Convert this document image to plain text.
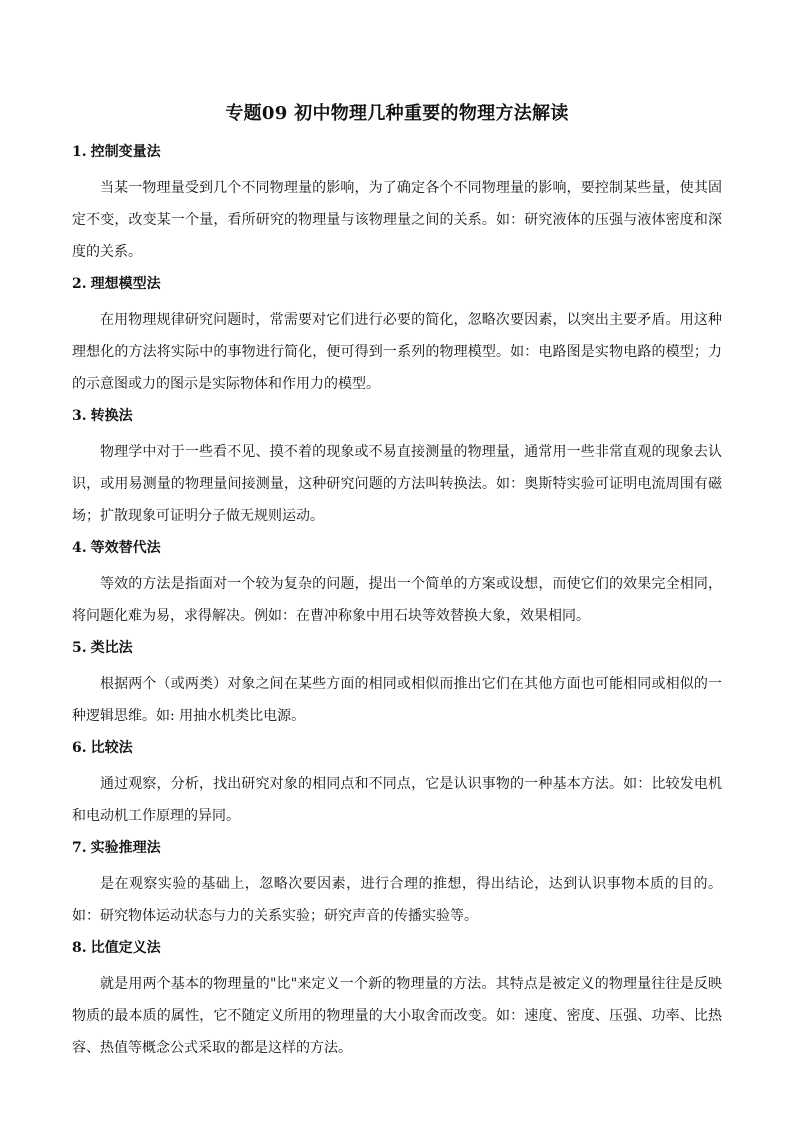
专题09 初中物理几种重要的物理方法解读
1. 控制变量法
当某一物理量受到几个不同物理量的影响，为了确定各个不同物理量的影响，要控制某些量，使其固定不变，改变某一个量，看所研究的物理量与该物理量之间的关系。如：研究液体的压强与液体密度和深度的关系。
2. 理想模型法
在用物理规律研究问题时，常需要对它们进行必要的简化，忽略次要因素，以突出主要矛盾。用这种理想化的方法将实际中的事物进行简化，便可得到一系列的物理模型。如：电路图是实物电路的模型；力的示意图或力的图示是实际物体和作用力的模型。
3. 转换法
物理学中对于一些看不见、摸不着的现象或不易直接测量的物理量，通常用一些非常直观的现象去认识，或用易测量的物理量间接测量，这种研究问题的方法叫转换法。如：奥斯特实验可证明电流周围有磁场；扩散现象可证明分子做无规则运动。
4. 等效替代法
等效的方法是指面对一个较为复杂的问题，提出一个简单的方案或设想，而使它们的效果完全相同，将问题化难为易，求得解决。例如：在曹冲称象中用石块等效替换大象，效果相同。
5. 类比法
根据两个（或两类）对象之间在某些方面的相同或相似而推出它们在其他方面也可能相同或相似的一种逻辑思维。如: 用抽水机类比电源。
6. 比较法
通过观察，分析，找出研究对象的相同点和不同点，它是认识事物的一种基本方法。如：比较发电机和电动机工作原理的异同。
7. 实验推理法
是在观察实验的基础上，忽略次要因素，进行合理的推想，得出结论，达到认识事物本质的目的。如：研究物体运动状态与力的关系实验；研究声音的传播实验等。
8. 比值定义法
就是用两个基本的物理量的"比"来定义一个新的物理量的方法。其特点是被定义的物理量往往是反映物质的最本质的属性，它不随定义所用的物理量的大小取舍而改变。如：速度、密度、压强、功率、比热容、热值等概念公式采取的都是这样的方法。
